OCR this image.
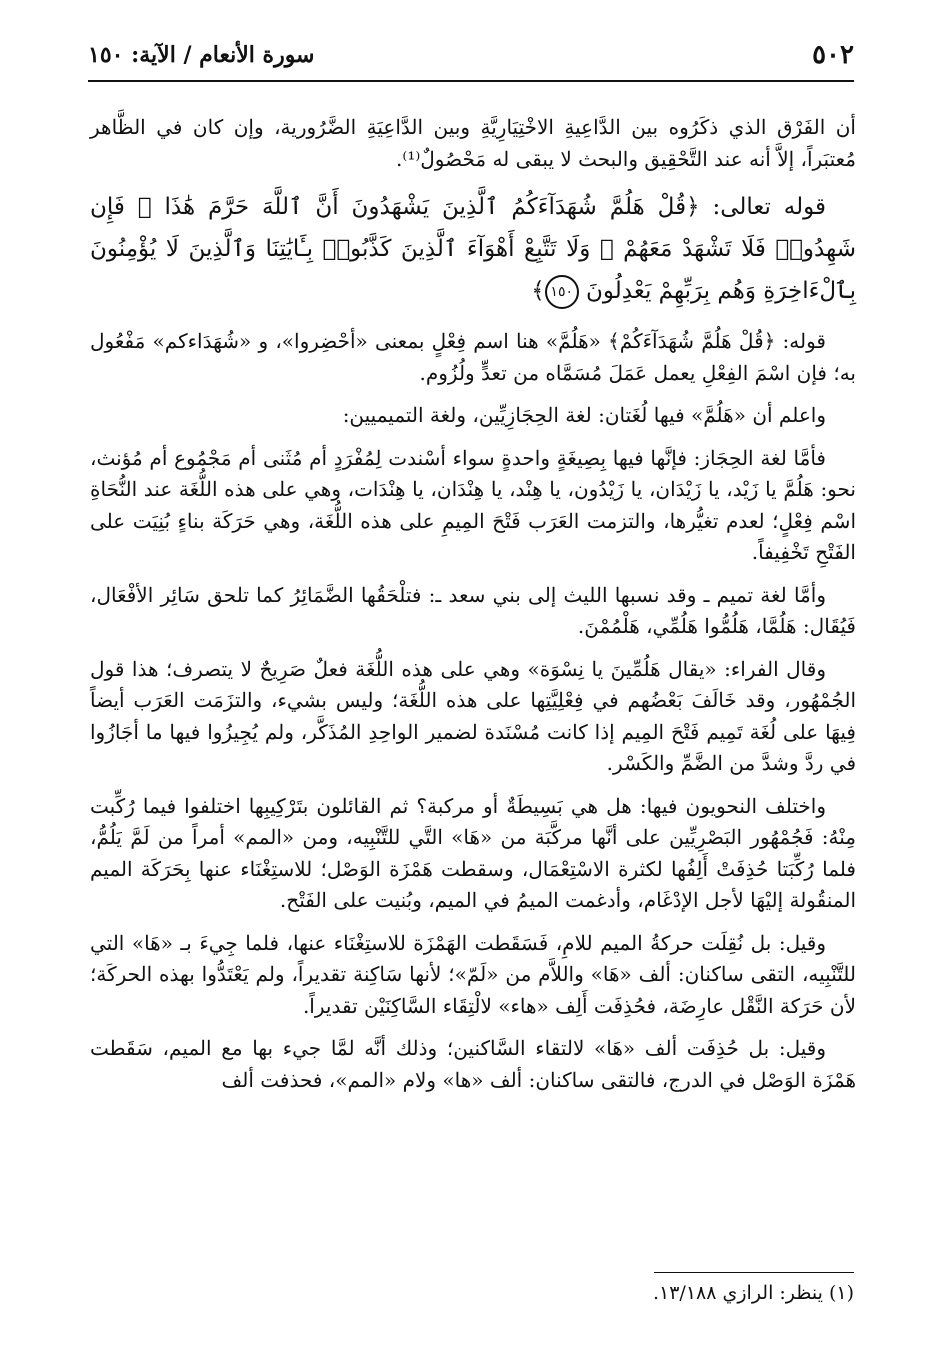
٥٠٢
سورة الأنعام / الآية: ١٥٠

أن الفَرْق الذي ذكَرُوه بين الدَّاعِيةِ الاخْتِيَارِيَّةِ وبين الدَّاعِيَةِ الضَّرُورية، وإن كان في الظَّاهر مُعتبَراً، إلاَّ أنه عند التَّحْقِيق والبحث لا يبقى له مَحْصُولٌ⁽¹⁾.

قوله تعالى: ﴿قُلْ هَلُمَّ شُهَدَآءَكُمُ ٱلَّذِينَ يَشْهَدُونَ أَنَّ ٱللَّهَ حَرَّمَ هَٰذَا ۖ فَإِن شَهِدُوا۟ فَلَا تَشْهَدْ مَعَهُمْ ۚ وَلَا تَتَّبِعْ أَهْوَآءَ ٱلَّذِينَ كَذَّبُوا۟ بِـَٔايَٰتِنَا وَٱلَّذِينَ لَا يُؤْمِنُونَ بِٱلْءَاخِرَةِ وَهُم بِرَبِّهِمْ يَعْدِلُونَ ١٥٠﴾

قوله: ﴿قُلْ هَلُمَّ شُهَدَآءَكُمْ﴾ «هَلُمَّ» هنا اسم فِعْلٍ بمعنى «أحْضِروا»، و «شُهَدَاءكم» مَفْعُول به؛ فإن اسْمَ الفِعْلِ يعمل عَمَلَ مُسَمَّاه من تعدٍّ ولُزُوم.

واعلم أن «هَلُمَّ» فيها لُغَتان: لغة الحِجَازِيِّين، ولغة التميميين:

فأمَّا لغة الحِجَاز: فإنَّها فيها بِصِيغَةٍ واحدةٍ سواء أسْندت لِمُفْرَدٍ أم مُثَنى أم مَجْمُوع أم مُؤنث، نحو: هَلُمَّ يا زَيْد، يا زَيْدَان، يا زَيْدُون، يا هِنْد، يا هِنْدَان، يا هِنْدَات، وهي على هذه اللُّغَة عند النُّحَاةِ اسْم فِعْلٍ؛ لعدم تغيُّرها، والتزمت العَرَب فَتْحَ المِيمِ على هذه اللُّغَة، وهي حَرَكَة بناءٍ بُنِيَت على الفَتْحِ تَخْفِيفاً.

وأمَّا لغة تميم ـ وقد نسبها الليث إلى بني سعد ـ: فتلْحَقُها الضَّمَائِرُ كما تلحق سَائِر الأفْعَال، فَيُقَال: هَلُمَّا، هَلُمُّوا هَلُمِّي، هَلْمُمْنَ.

وقال الفراء: «يقال هَلُمِّينَ يا نِسْوَة» وهي على هذه اللُّغَة فعلٌ صَرِيحٌ لا يتصرف؛ هذا قول الجُمْهُور، وقد خَالَفَ بَعْضُهم في فِعْلِيَّتِها على هذه اللُّغَة؛ وليس بشيء، والتزَمَت العَرَب أيضاً فِيهَا على لُغَة تَمِيم فَتْحَ المِيم إذا كانت مُسْنَدة لضمير الواحِدِ المُذَكَّر، ولم يُجِيزُوا فيها ما أجَازُوا في ردَّ وشدَّ من الضَّمِّ والكَسْر.

واختلف النحويون فيها: هل هي بَسِيطَةٌ أو مركبة؟ ثم القائلون بتَرْكِيبِها اختلفوا فيما رُكِّبت مِنْهُ: فَجُمْهُور البَصْرِيِّين على أنَّها مركَّبَة من «هَا» التَّي للتَّنْبِيه، ومن «المم» أمراً من لَمَّ يَلُمُّ، فلما رُكِّبَتا حُذِفَتْ أَلِفُها لكثرة الاسْتِعْمَال، وسقطت هَمْزَة الوَصْل؛ للاستِغْنَاء عنها بِحَرَكَة الميم المنقُولة إليْهَا لأجل الإدْغَام، وأدغمت الميمُ في الميم، وبُنيت على الفَتْح.

وقيل: بل نُقِلَت حركةُ الميم للامِ، فَسَقَطت الهَمْزَة للاستِغْنَاء عنها، فلما جِيءَ بـ «هَا» التي للتَّنْبِيه، التقى ساكنان: ألف «هَا» واللاَّم من «لَمّ»؛ لأنها سَاكِنة تقديراً، ولم يَعْتَدُّوا بهذه الحركَة؛ لأن حَرَكة النَّقْل عارِضَة، فحُذِفَت أَلِف «هاء» لالْتِقَاء السَّاكِنَيْن تقديراً.

وقيل: بل حُذِفَت ألف «هَا» لالتقاء السَّاكنين؛ وذلك أنَّه لمَّا جيء بها مع الميم، سَقَطت هَمْزَة الوَصْل في الدرج، فالتقى ساكنان: ألف «ها» ولام «المم»، فحذفت ألف

(١) ينظر: الرازي ١٣/١٨٨.
